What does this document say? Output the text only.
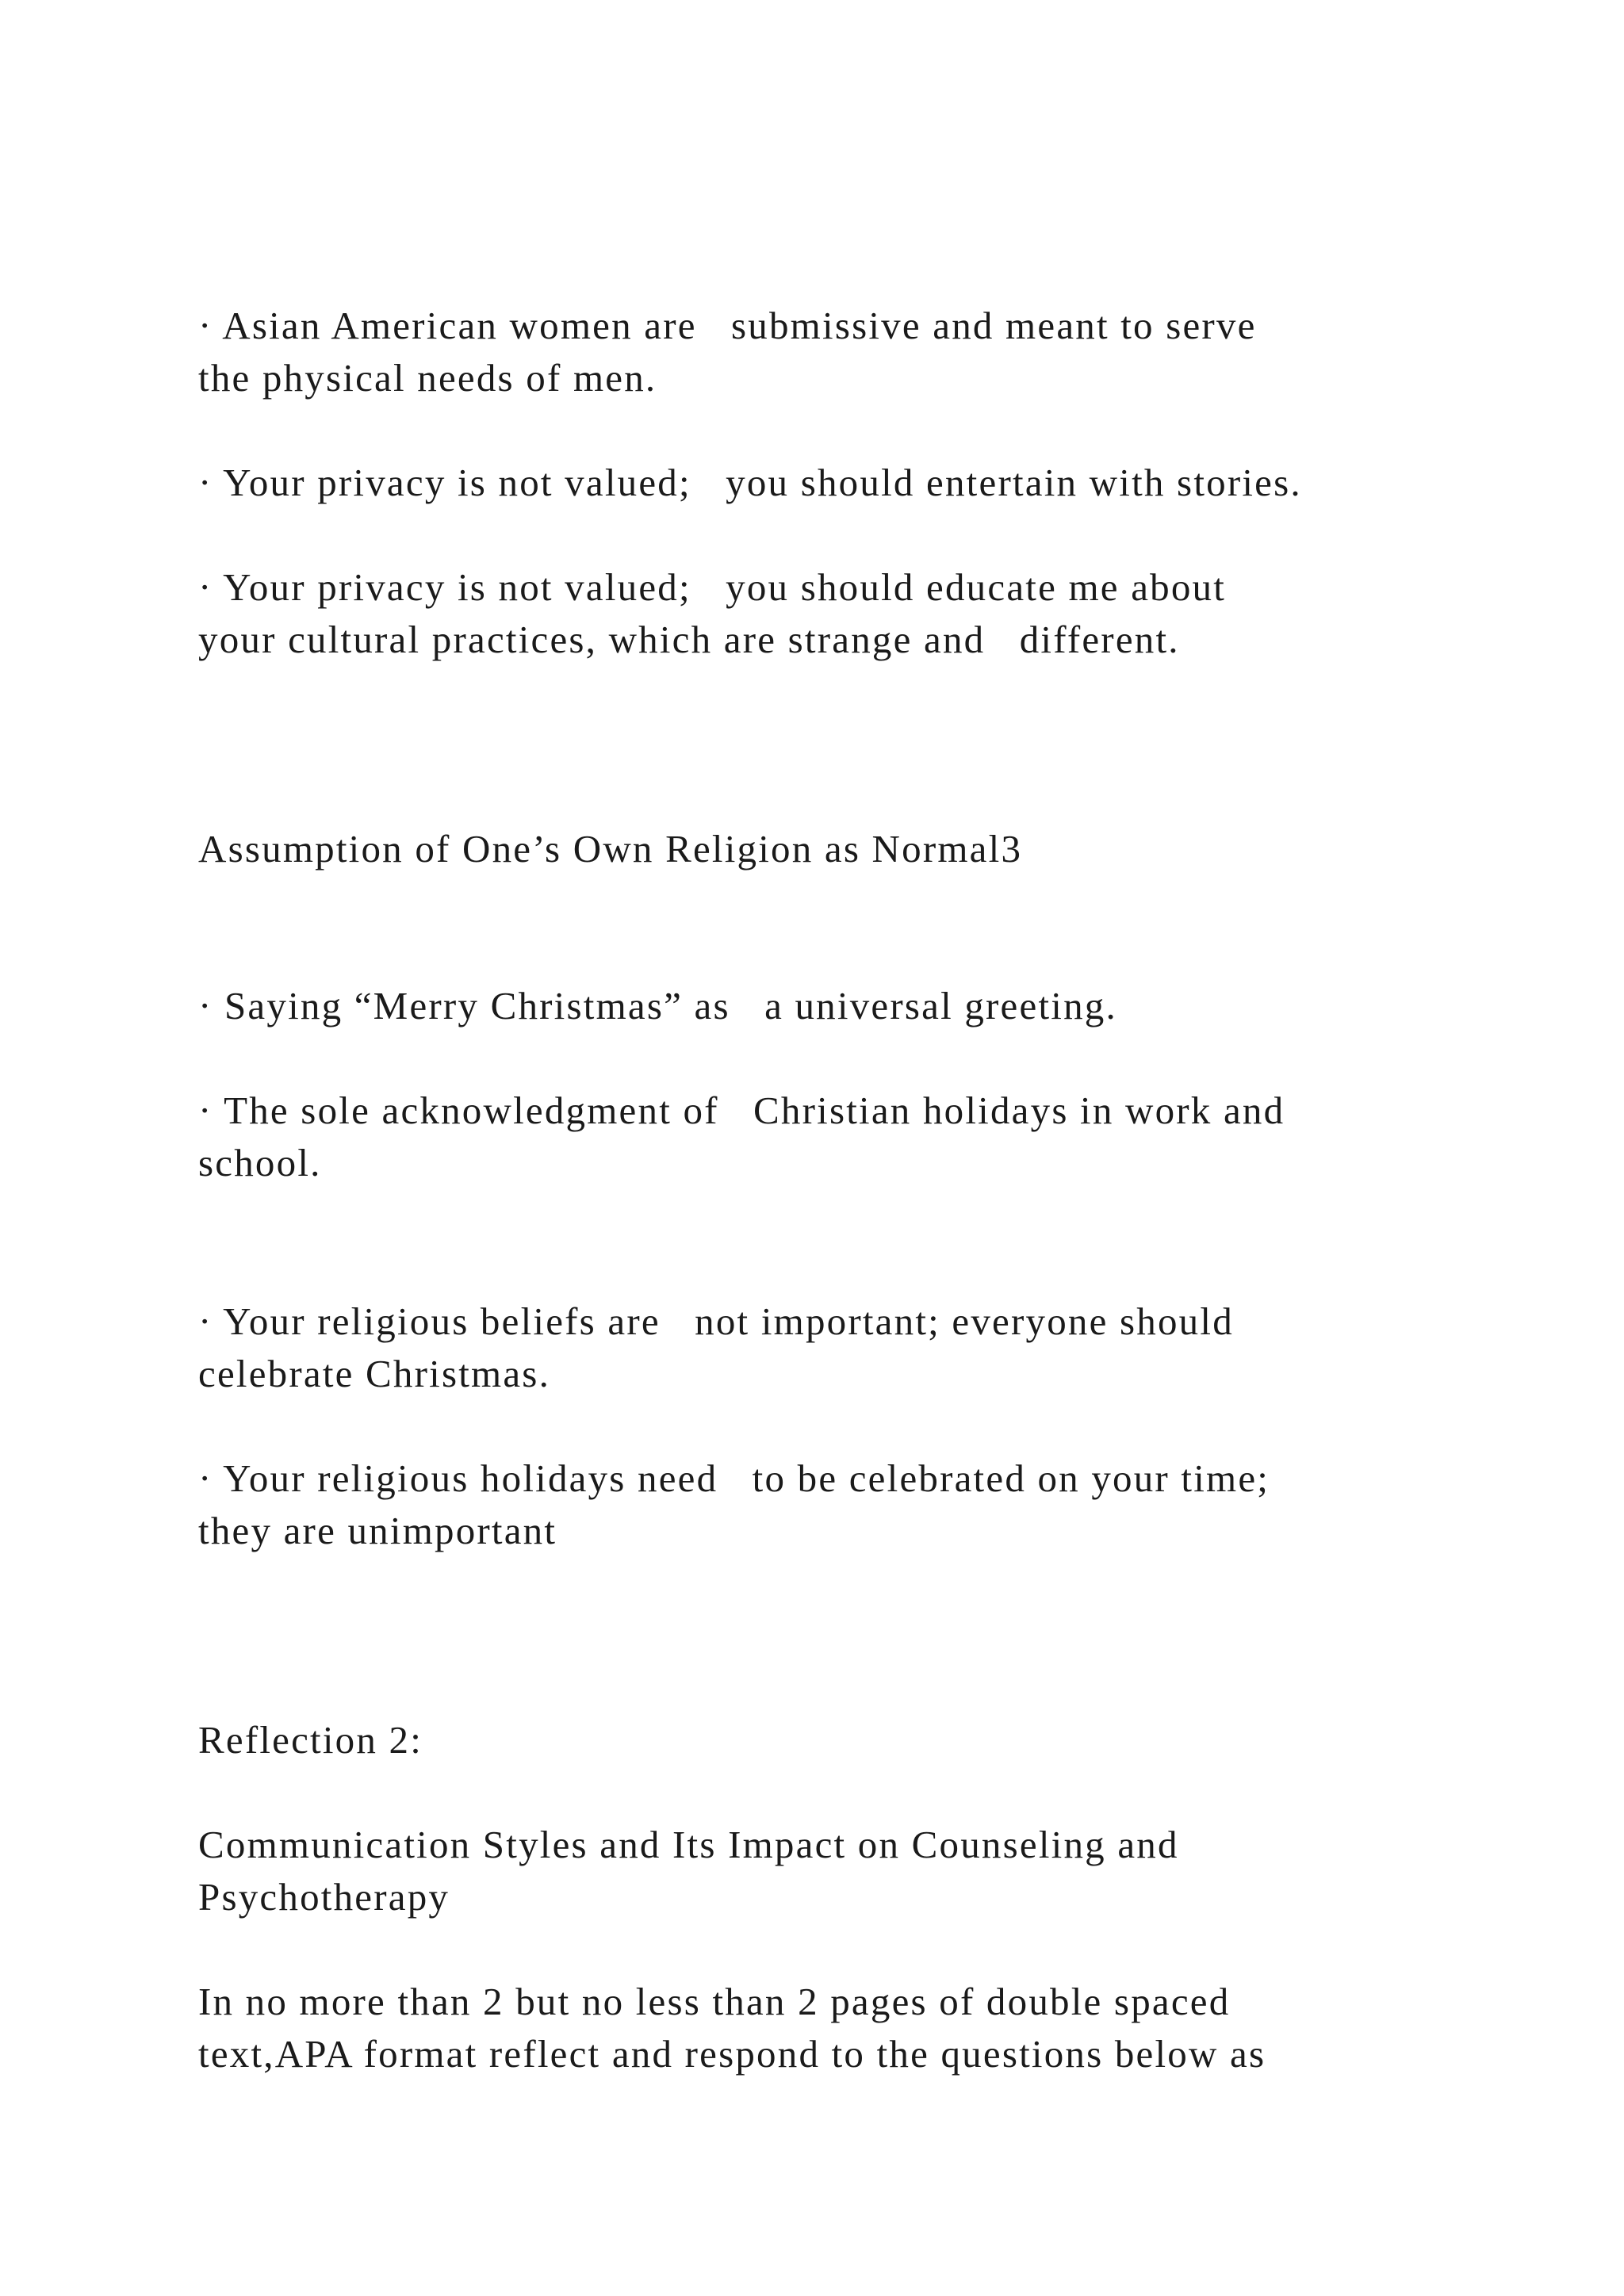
· Asian American women are   submissive and meant to serve
the physical needs of men.
· Your privacy is not valued;   you should entertain with stories.
· Your privacy is not valued;   you should educate me about
your cultural practices, which are strange and   different.
Assumption of One’s Own Religion as Normal3
· Saying “Merry Christmas” as   a universal greeting.
· The sole acknowledgment of   Christian holidays in work and
school.
· Your religious beliefs are   not important; everyone should
celebrate Christmas.
· Your religious holidays need   to be celebrated on your time;
they are unimportant
Reflection 2:
Communication Styles and Its Impact on Counseling and
Psychotherapy
In no more than 2 but no less than 2 pages of double spaced
text,APA format reflect and respond to the questions below as
